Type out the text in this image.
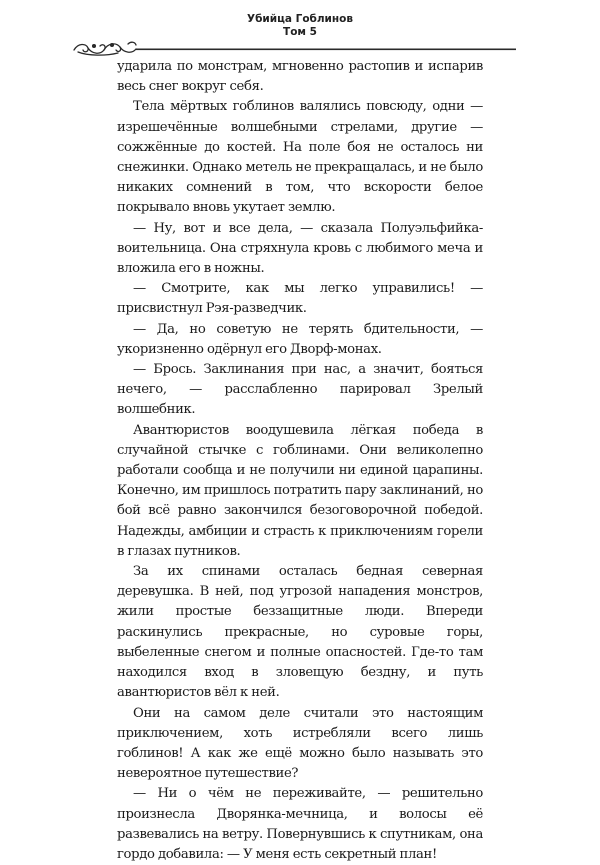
Убийца Гоблинов
Том 5

ударила по монстрам, мгновенно растопив и испарив весь снег вокруг себя.

Тела мёртвых гоблинов валялись повсюду, одни — изрешечённые волшебными стрелами, другие — сожжённые до костей. На поле боя не осталось ни снежинки. Однако метель не прекращалась, и не было никаких сомнений в том, что вскорости белое покрывало вновь укутает землю.

— Ну, вот и все дела, — сказала Полуэльфийка-воительница. Она стряхнула кровь с любимого меча и вложила его в ножны.

— Смотрите, как мы легко управились! — присвистнул Рэя-разведчик.

— Да, но советую не терять бдительности, — укоризненно одёрнул его Дворф-монах.

— Брось. Заклинания при нас, а значит, бояться нечего, — расслабленно парировал Зрелый волшебник.

Авантюристов воодушевила лёгкая победа в случайной стычке с гоблинами. Они великолепно работали сообща и не получили ни единой царапины. Конечно, им пришлось потратить пару заклинаний, но бой всё равно закончился безоговорочной победой. Надежды, амбиции и страсть к приключениям горели в глазах путников.

За их спинами осталась бедная северная деревушка. В ней, под угрозой нападения монстров, жили простые беззащитные люди. Впереди раскинулись прекрасные, но суровые горы, выбеленные снегом и полные опасностей. Где-то там находился вход в зловещую бездну, и путь авантюристов вёл к ней.

Они на самом деле считали это настоящим приключением, хоть истребляли всего лишь гоблинов! А как же ещё можно было называть это невероятное путешествие?

— Ни о чём не переживайте, — решительно произнесла Дворянка-мечница, и волосы её развевались на ветру. Повернувшись к спутникам, она гордо добавила: — У меня есть секретный план!
